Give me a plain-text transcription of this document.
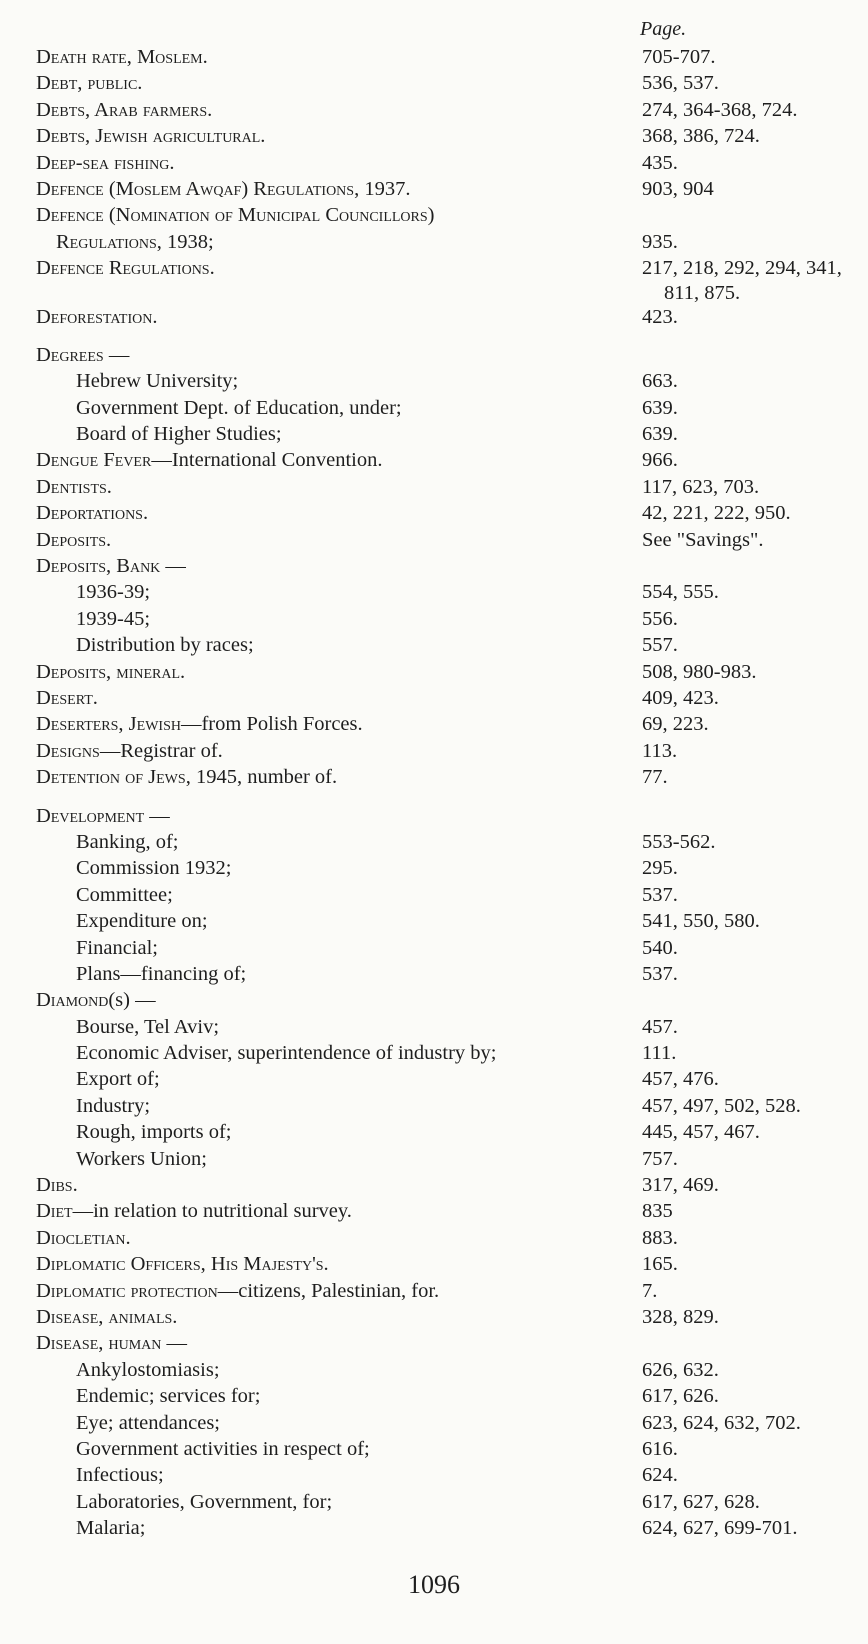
Page.
Death rate, Moslem.	705-707.
Debt, public.	536, 537.
Debts, Arab farmers.	274, 364-368, 724.
Debts, Jewish agricultural.	368, 386, 724.
Deep-sea fishing.	435.
Defence (Moslem Awqaf) Regulations, 1937.	903, 904
Defence (Nomination of Municipal Councillors)
Regulations, 1938;	935.
Defence Regulations.	217, 218, 292, 294, 341,
811, 875.
Deforestation.	423.
Degrees —
Hebrew University;	663.
Government Dept. of Education, under;	639.
Board of Higher Studies;	639.
Dengue Fever—International Convention.	966.
Dentists.	117, 623, 703.
Deportations.	42, 221, 222, 950.
Deposits.	See "Savings".
Deposits, Bank —
1936-39;	554, 555.
1939-45;	556.
Distribution by races;	557.
Deposits, mineral.	508, 980-983.
Desert.	409, 423.
Deserters, Jewish—from Polish Forces.	69, 223.
Designs—Registrar of.	113.
Detention of Jews, 1945, number of.	77.
Development —
Banking, of;	553-562.
Commission 1932;	295.
Committee;	537.
Expenditure on;	541, 550, 580.
Financial;	540.
Plans—financing of;	537.
Diamond(s) —
Bourse, Tel Aviv;	457.
Economic Adviser, superintendence of industry by;	111.
Export of;	457, 476.
Industry;	457, 497, 502, 528.
Rough, imports of;	445, 457, 467.
Workers Union;	757.
Dibs.	317, 469.
Diet—in relation to nutritional survey.	835
Diocletian.	883.
Diplomatic Officers, His Majesty's.	165.
Diplomatic protection—citizens, Palestinian, for.	7.
Disease, animals.	328, 829.
Disease, human —
Ankylostomiasis;	626, 632.
Endemic; services for;	617, 626.
Eye; attendances;	623, 624, 632, 702.
Government activities in respect of;	616.
Infectious;	624.
Laboratories, Government, for;	617, 627, 628.
Malaria;	624, 627, 699-701.
1096
